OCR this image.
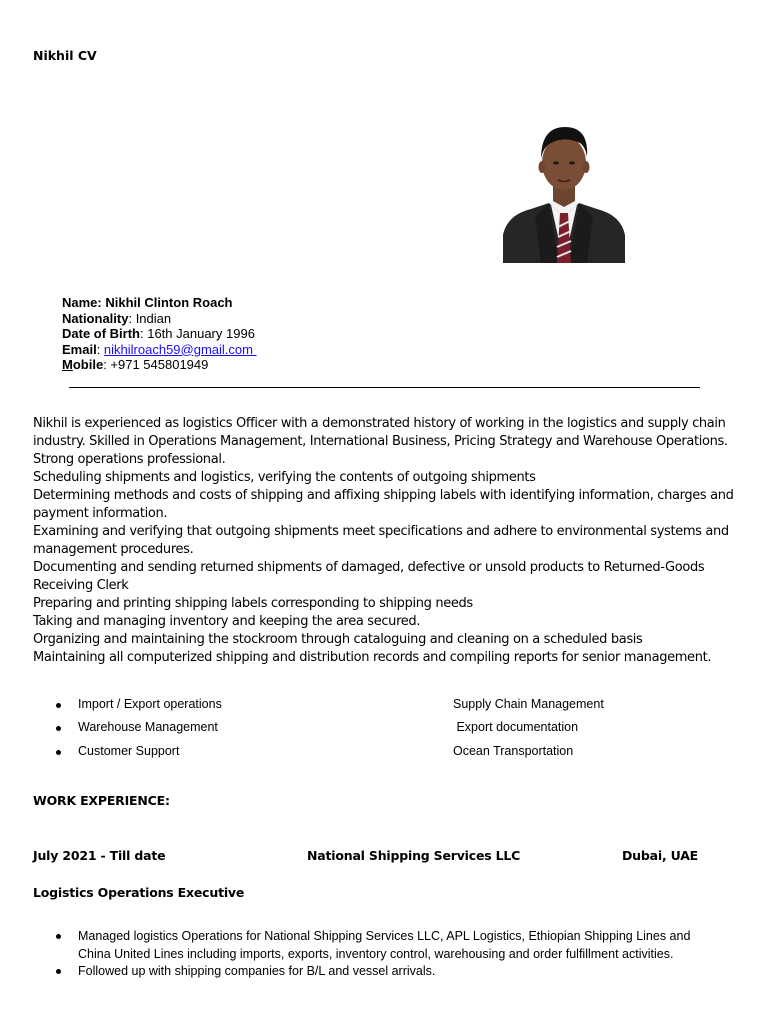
Nikhil CV
Name: Nikhil Clinton Roach
Nationality: Indian
Date of Birth: 16th January 1996
Email: nikhilroach59@gmail.com
Mobile: +971 545801949

Nikhil is experienced as logistics Officer with a demonstrated history of working in the logistics and supply chain industry. Skilled in Operations Management, International Business, Pricing Strategy and Warehouse Operations. Strong operations professional.

Scheduling shipments and logistics, verifying the contents of outgoing shipments

Determining methods and costs of shipping and affixing shipping labels with identifying information, charges and payment information.

Examining and verifying that outgoing shipments meet specifications and adhere to environmental systems and management procedures.

Documenting and sending returned shipments of damaged, defective or unsold products to Returned-Goods Receiving Clerk

Preparing and printing shipping labels corresponding to shipping needs

Taking and managing inventory and keeping the area secured.

Organizing and maintaining the stockroom through cataloguing and cleaning on a scheduled basis

Maintaining all computerized shipping and distribution records and compiling reports for senior management.

Import / Export operations
Warehouse Management
Customer Support
Supply Chain Management
Export documentation
Ocean Transportation
WORK EXPERIENCE:
July 2021 - Till date	National Shipping Services LLC	Dubai, UAE
Logistics Operations Executive
Managed logistics Operations for National Shipping Services LLC, APL Logistics, Ethiopian Shipping Lines and China United Lines including imports, exports, inventory control, warehousing and order fulfillment activities.
Followed up with shipping companies for B/L and vessel arrivals.
